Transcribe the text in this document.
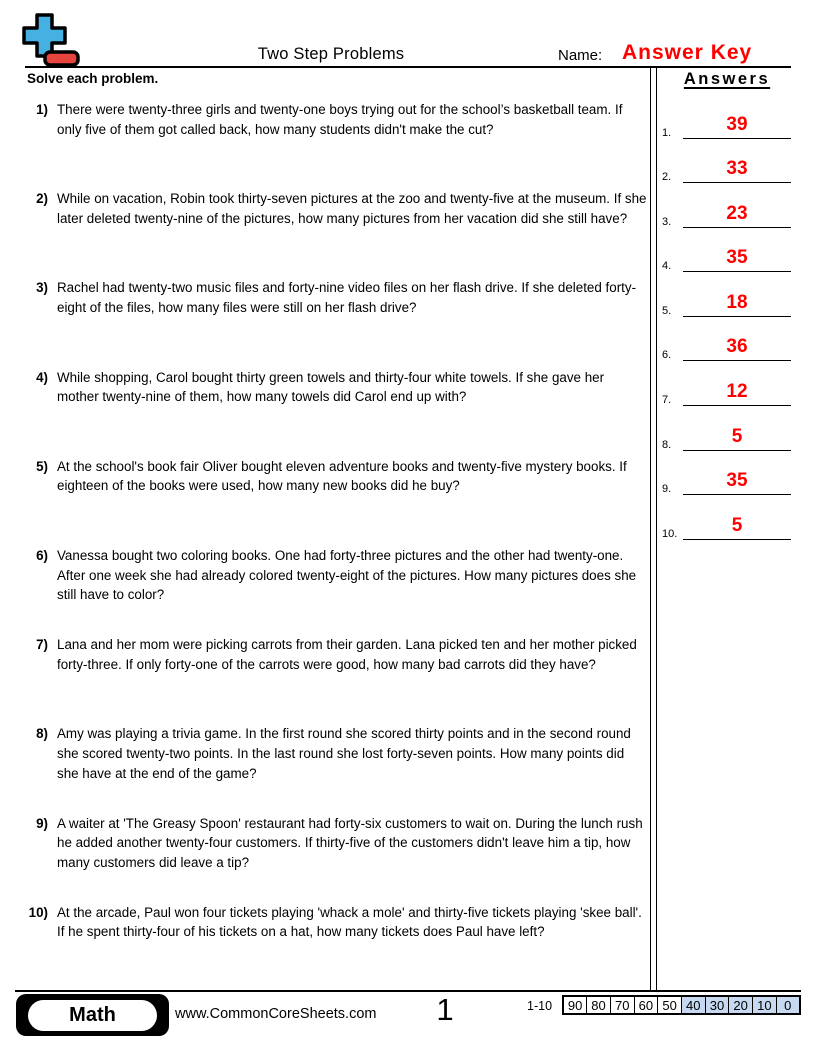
Two Step Problems	Name: Answer Key
Solve each problem.
1) There were twenty-three girls and twenty-one boys trying out for the school’s basketball team. If only five of them got called back, how many students didn't make the cut?
2) While on vacation, Robin took thirty-seven pictures at the zoo and twenty-five at the museum. If she later deleted twenty-nine of the pictures, how many pictures from her vacation did she still have?
3) Rachel had twenty-two music files and forty-nine video files on her flash drive. If she deleted forty-eight of the files, how many files were still on her flash drive?
4) While shopping, Carol bought thirty green towels and thirty-four white towels. If she gave her mother twenty-nine of them, how many towels did Carol end up with?
5) At the school's book fair Oliver bought eleven adventure books and twenty-five mystery books. If eighteen of the books were used, how many new books did he buy?
6) Vanessa bought two coloring books. One had forty-three pictures and the other had twenty-one. After one week she had already colored twenty-eight of the pictures. How many pictures does she still have to color?
7) Lana and her mom were picking carrots from their garden. Lana picked ten and her mother picked forty-three. If only forty-one of the carrots were good, how many bad carrots did they have?
8) Amy was playing a trivia game. In the first round she scored thirty points and in the second round she scored twenty-two points. In the last round she lost forty-seven points. How many points did she have at the end of the game?
9) A waiter at 'The Greasy Spoon' restaurant had forty-six customers to wait on. During the lunch rush he added another twenty-four customers. If thirty-five of the customers didn't leave him a tip, how many customers did leave a tip?
10) At the arcade, Paul won four tickets playing 'whack a mole' and thirty-five tickets playing 'skee ball'. If he spent thirty-four of his tickets on a hat, how many tickets does Paul have left?
Answers
1.	39
2.	33
3.	23
4.	35
5.	18
6.	36
7.	12
8.	5
9.	35
10.	5
Math	www.CommonCoreSheets.com	1	1-10 90	80	70	60	50	40	30	20	10	0
